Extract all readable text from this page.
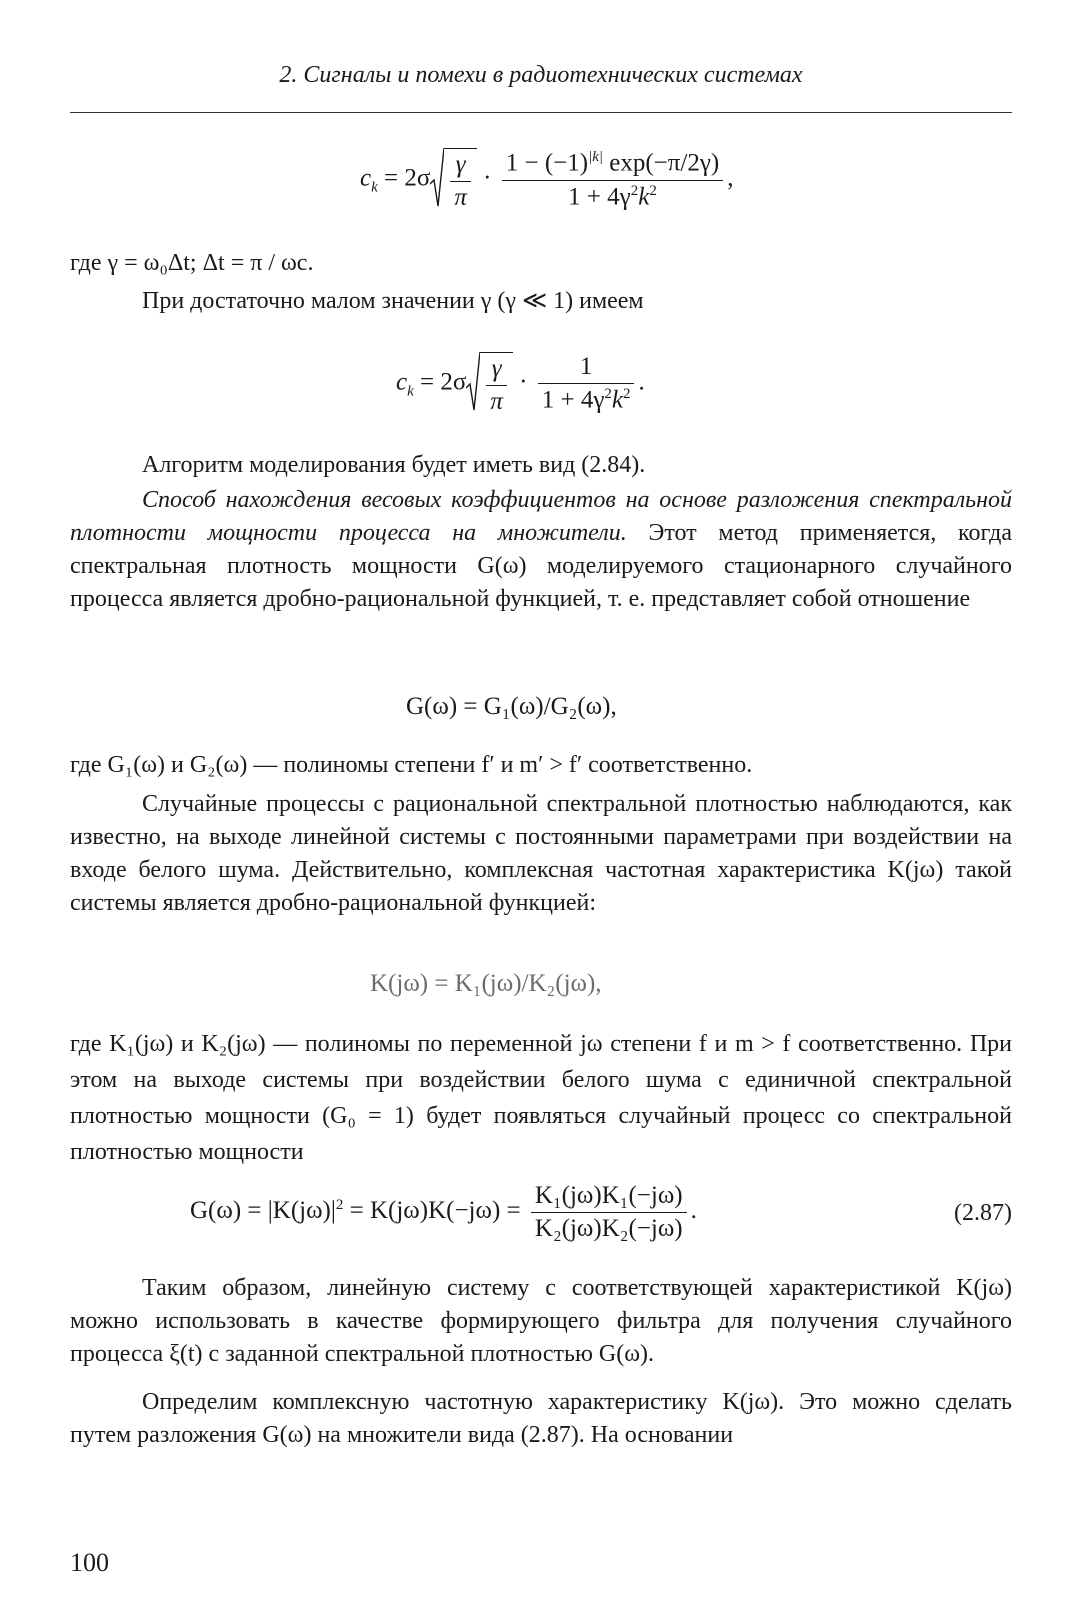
2. Сигналы и помехи в радиотехнических системах
$c_k = 2\sigma \frac{\gamma}{\pi} \cdot \frac{1 - (-1)^{|k|} \exp(-\pi/2\gamma)}{1 + 4\gamma^2k^2}$ ,
где γ = ω₀Δt; Δt = π / ωс.
При достаточно малом значении γ (γ ≪ 1) имеем
$c_k = 2\sigma \frac{\gamma}{\pi} \cdot \frac{1}{1 + 4\gamma^2k^2}$ .
Алгоритм моделирования будет иметь вид (2.84).

Способ нахождения весовых коэффициентов на основе разложения спектральной плотности мощности процесса на множители. Этот метод применяется, когда спектральная плотность мощности G(ω) моделируемого стационарного случайного процесса является дробно-рациональной функцией, т. е. представляет собой отношение

G(ω) = G₁(ω)/G₂(ω),
где G₁(ω) и G₂(ω) — полиномы степени f′ и m′ > f′ соответственно.

Случайные процессы с рациональной спектральной плотностью наблюдаются, как известно, на выходе линейной системы с постоянными параметрами при воздействии на входе белого шума. Действительно, комплексная частотная характеристика K(jω) такой системы является дробно-рациональной функцией:

K(jω) = K₁(jω)/K₂(jω),

где K₁(jω) и K₂(jω) — полиномы по переменной jω степени f и m > f соответственно. При этом на выходе системы при воздействии белого шума с единичной спектральной плотностью мощности (G₀ = 1) будет появляться случайный процесс со спектральной плотностью мощности

$G(\omega) = |K(j\omega)|^2 = K(j\omega)K(-j\omega) = \frac{\text{K₁(jω)K₁(−jω)}}{\text{K₂(jω)K₂(−jω)}}$ .	(2.87)

Таким образом, линейную систему с соответствующей характеристикой K(jω) можно использовать в качестве формирующего фильтра для получения случайного процесса ξ(t) с заданной спектральной плотностью G(ω).

Определим комплексную частотную характеристику K(jω). Это можно сделать путем разложения G(ω) на множители вида (2.87). На основании

100
